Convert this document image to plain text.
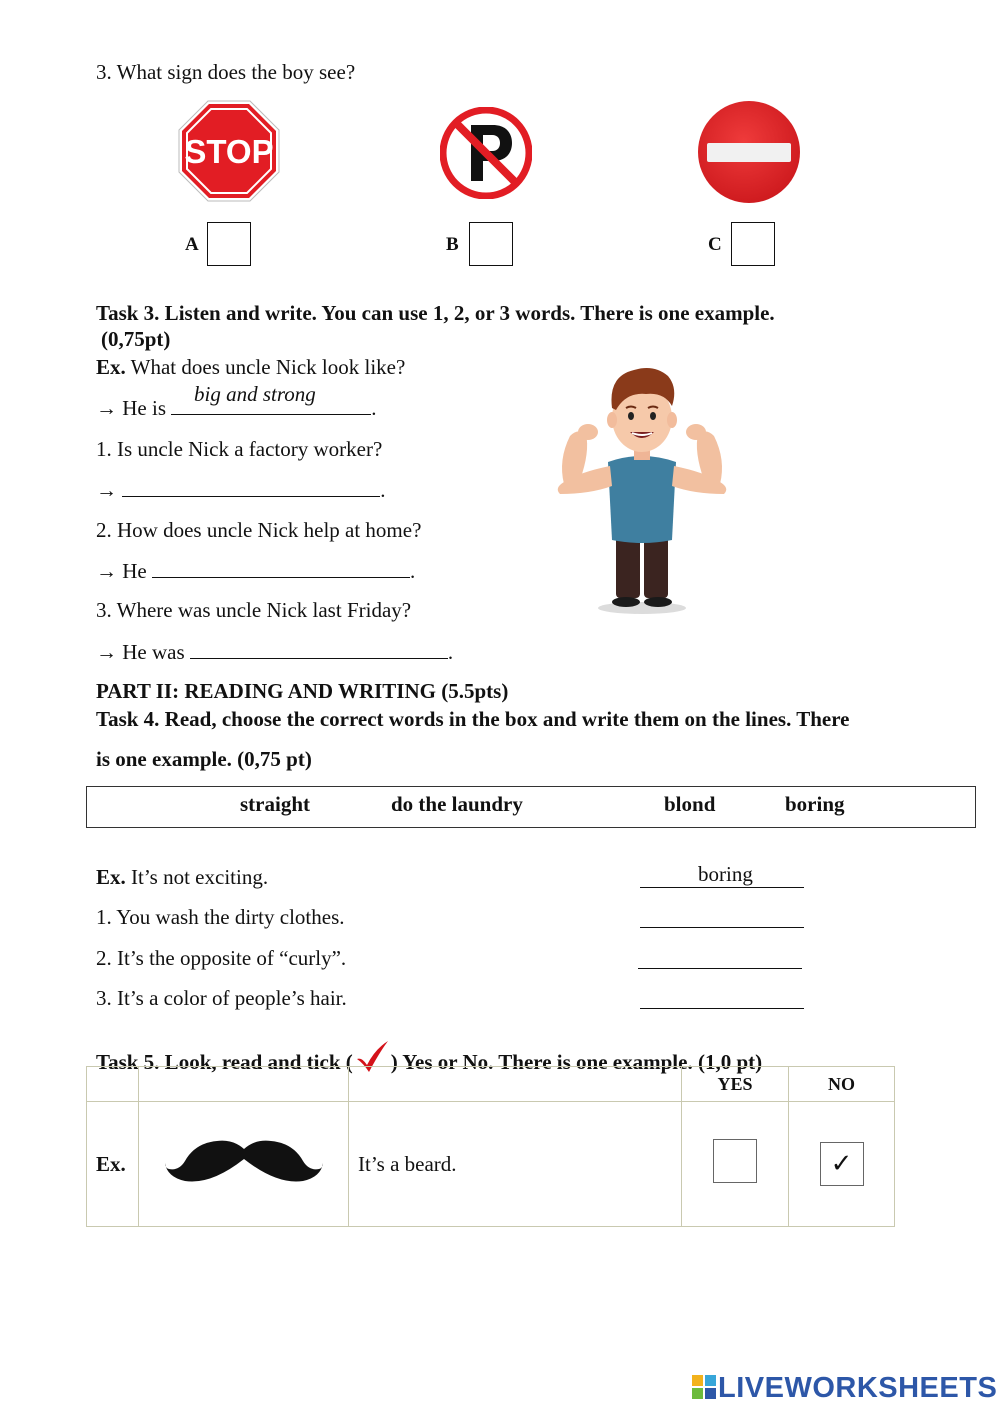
3. What sign does the boy see?
STOP
A	B	C
Task 3. Listen and write. You can use 1, 2, or 3 words. There is one example.
(0,75pt)
Ex. What does uncle Nick look like?
→ He is	.
big and strong
1. Is uncle Nick a factory worker?
→	.
2. How does uncle Nick help at home?
→ He	.
3. Where was uncle Nick last Friday?
→ He was	.
PART II: READING AND WRITING (5.5pts)
Task 4. Read, choose the correct words in the box and write them on the lines. There
is one example. (0,75 pt)
straight	do the laundry	blond	boring
Ex. It’s not exciting.	boring
1. You wash the dirty clothes.
2. It’s the opposite of “curly”.
3. It’s a color of people’s hair.
Task 5. Look, read and tick ( ) Yes or No. There is one example. (1,0 pt)
			YES	NO
Ex.		It’s a beard.		✓
LIVEWORKSHEETS
